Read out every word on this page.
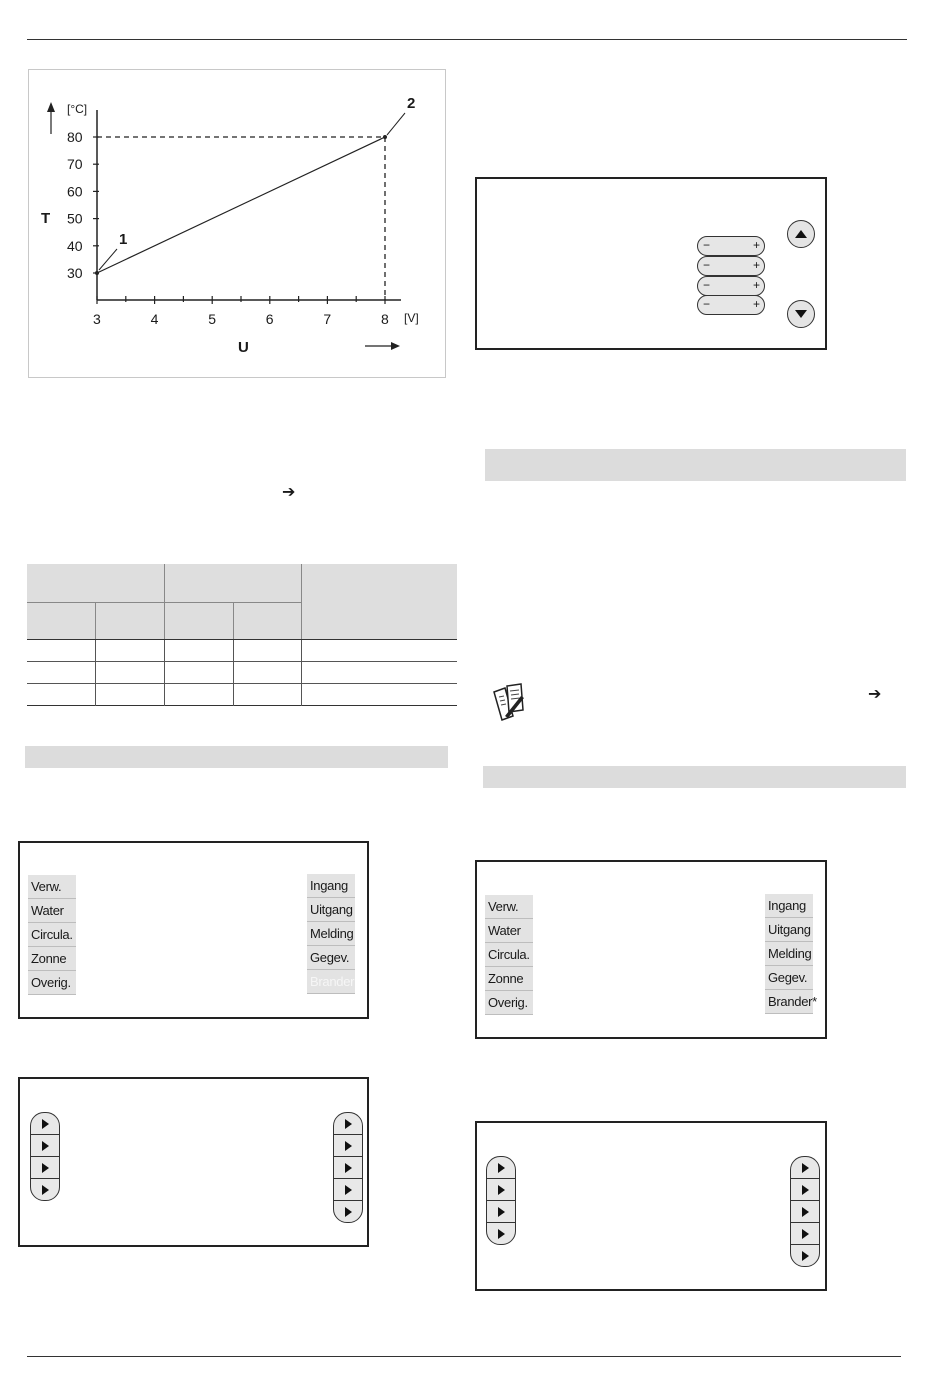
30
40
50
60
70
80
3	4	5	6	7	8
1
2
T
[°C]
U
[V]
➔
Verw.
Water
Circula.
Zonne
Overig.
Ingang
Uitgang
Melding
Gegev.
Brander
−	+
−	+
−	+
−	+
➔
Verw.
Water
Circula.
Zonne
Overig.
Ingang
Uitgang
Melding
Gegev.
Brander*
